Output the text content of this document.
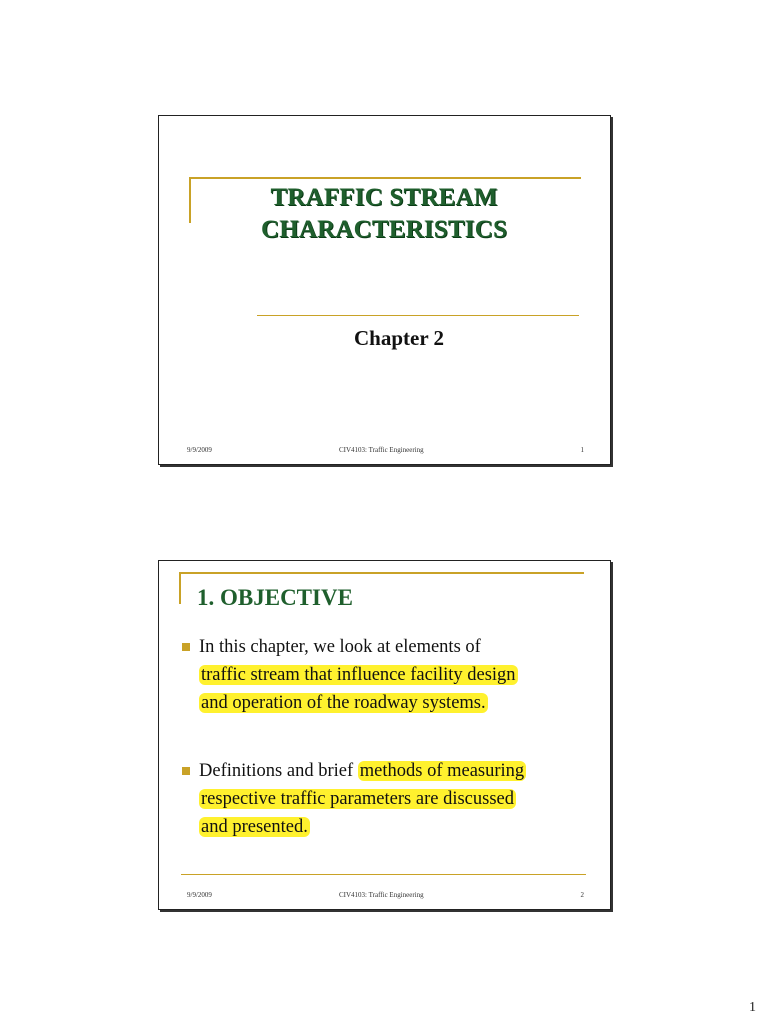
TRAFFIC STREAM
CHARACTERISTICS
Chapter 2
9/9/2009	CIV4103: Traffic Engineering	1
1. OBJECTIVE
In this chapter, we look at elements of
traffic stream that influence facility design
and operation of the roadway systems.
Definitions and brief methods of measuring
respective traffic parameters are discussed
and presented.
9/9/2009	CIV4103: Traffic Engineering	2
1
